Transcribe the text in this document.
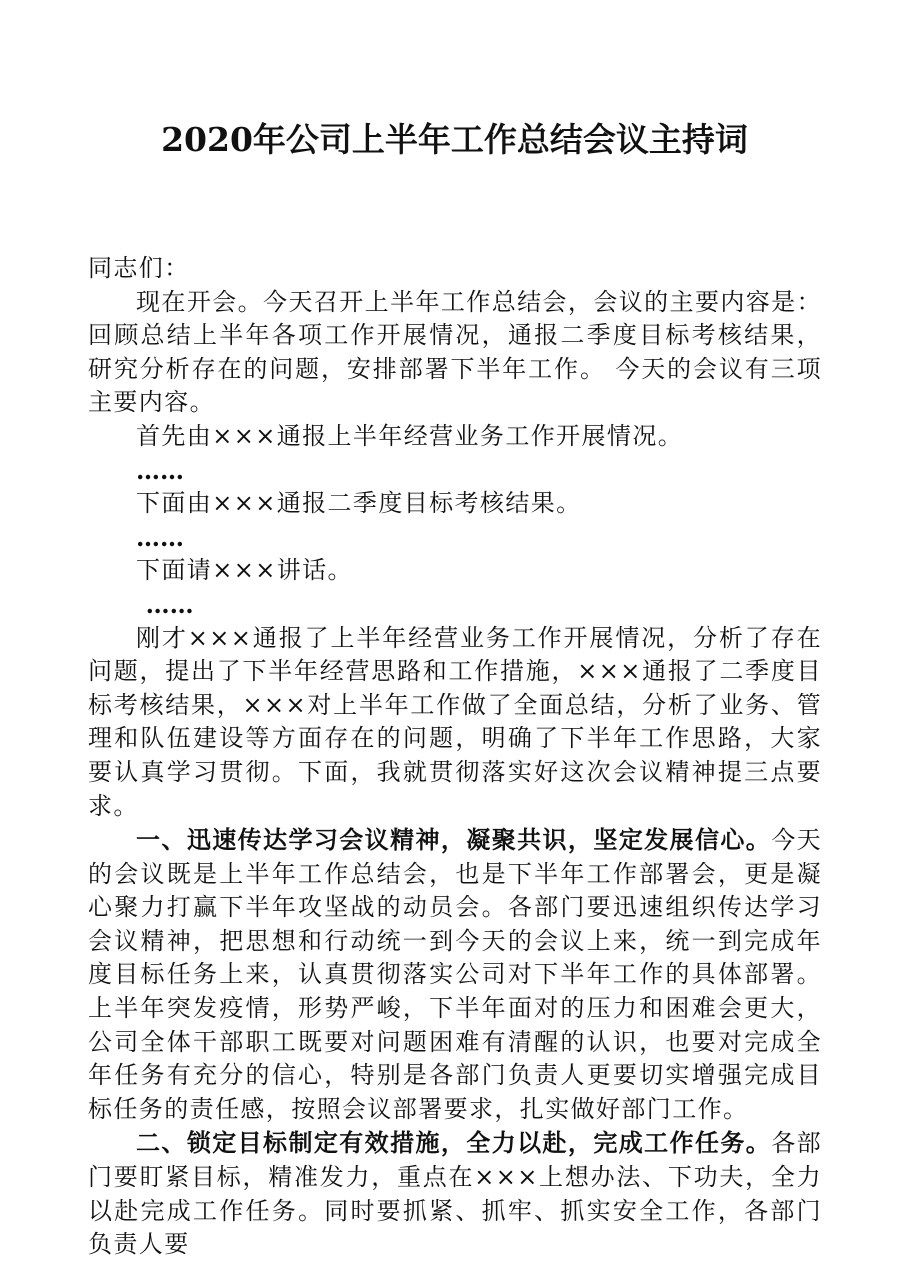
2020年公司上半年工作总结会议主持词

同志们：

现在开会。今天召开上半年工作总结会，会议的主要内容是：回顾总结上半年各项工作开展情况，通报二季度目标考核结果，研究分析存在的问题，安排部署下半年工作。 今天的会议有三项主要内容。

首先由×××通报上半年经营业务工作开展情况。

……

下面由×××通报二季度目标考核结果。

……

下面请×××讲话。

……

刚才×××通报了上半年经营业务工作开展情况，分析了存在问题，提出了下半年经营思路和工作措施，×××通报了二季度目标考核结果，×××对上半年工作做了全面总结，分析了业务、管理和队伍建设等方面存在的问题，明确了下半年工作思路，大家要认真学习贯彻。下面，我就贯彻落实好这次会议精神提三点要求。

一、迅速传达学习会议精神，凝聚共识，坚定发展信心。今天的会议既是上半年工作总结会，也是下半年工作部署会，更是凝心聚力打赢下半年攻坚战的动员会。各部门要迅速组织传达学习会议精神，把思想和行动统一到今天的会议上来，统一到完成年度目标任务上来，认真贯彻落实公司对下半年工作的具体部署。上半年突发疫情，形势严峻，下半年面对的压力和困难会更大，公司全体干部职工既要对问题困难有清醒的认识，也要对完成全年任务有充分的信心，特别是各部门负责人更要切实增强完成目标任务的责任感，按照会议部署要求，扎实做好部门工作。

二、锁定目标制定有效措施，全力以赴，完成工作任务。各部门要盯紧目标，精准发力，重点在×××上想办法、下功夫，全力以赴完成工作任务。同时要抓紧、抓牢、抓实安全工作，各部门负责人要
